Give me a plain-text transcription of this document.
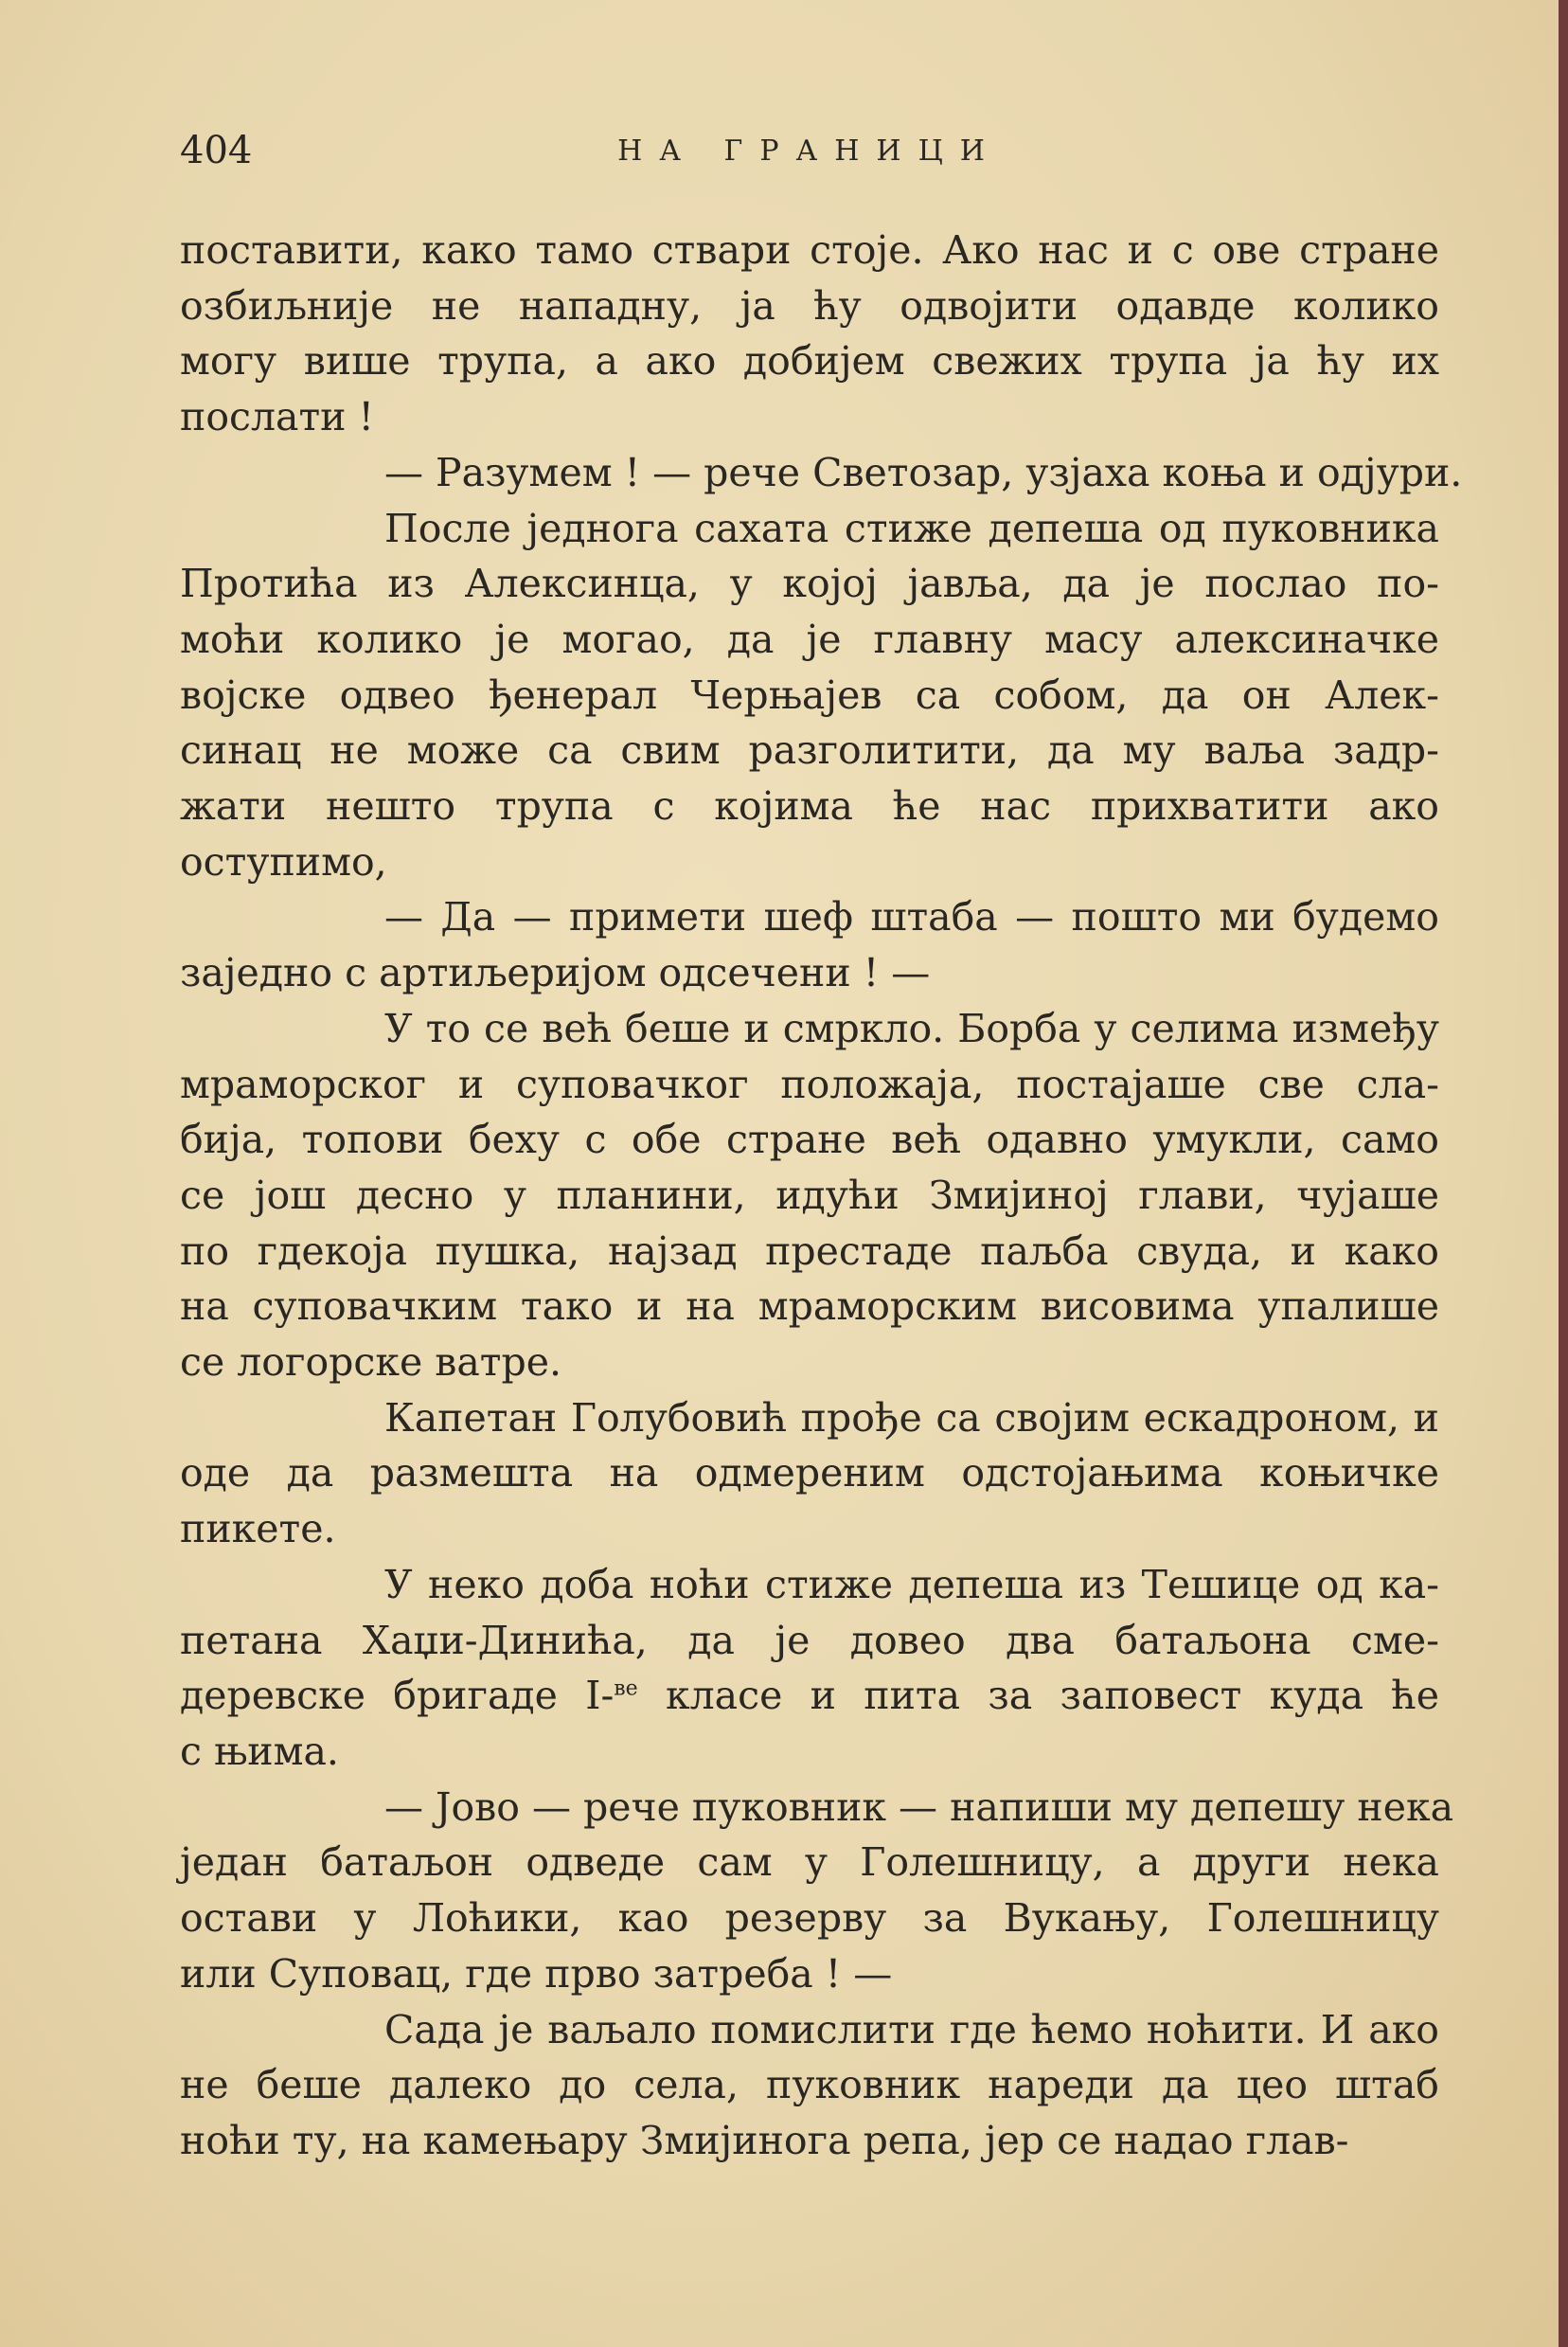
404	НА ГРАНИЦИ

поставити, како тамо ствари стоје. Ако нас и с ове стране
озбиљније не нападну, ја ћу одвојити одавде колико
могу више трупа, а ако добијем свежих трупа ја ћу их
послати !

— Разумем ! — рече Светозар, узјаха коња и одјури.

После једнога сахата стиже депеша од пуковника
Протића из Алексинца, у којој јавља, да је послао по-
моћи колико је могао, да је главну масу алексиначке
војске одвео ђенерал Черњајев са собом, да он Алек-
синац не може са свим разголитити, да му ваља задр-
жати нешто трупа с којима ће нас прихватити ако
оступимо,

— Да — примети шеф штаба — пошто ми будемо
заједно с артиљеријом одсечени ! —

У то се већ беше и смркло. Борба у селима између
мраморског и суповачког положаја, постајаше све сла-
бија, топови беху с обе стране већ одавно умукли, само
се још десно у планини, идући Змијиној глави, чујаше
по гдекоја пушка, најзад престаде паљба свуда, и како
на суповачким тако и на мраморским висовима упалише
се логорске ватре.

Капетан Голубовић прође са својим ескадроном, и
оде да размешта на одмереним одстојањима коњичке
пикете.

У неко доба ноћи стиже депеша из Тешице од ка-
петана Хаџи-Динића, да је довео два батаљона сме-
деревске бригаде I-$^{ве}$ класе и пита за заповест куда ће
с њима.

— Јово — рече пуковник — напиши му депешу нека
један батаљон одведе сам у Голешницу, а други нека
остави у Лоћики, као резерву за Вукању, Голешницу
или Суповац, где прво затреба ! —

Сада је ваљало помислити где ћемо ноћити. И ако
не беше далеко до села, пуковник нареди да цео штаб
ноћи ту, на камењару Змијинога репа, јер се надао глав-
